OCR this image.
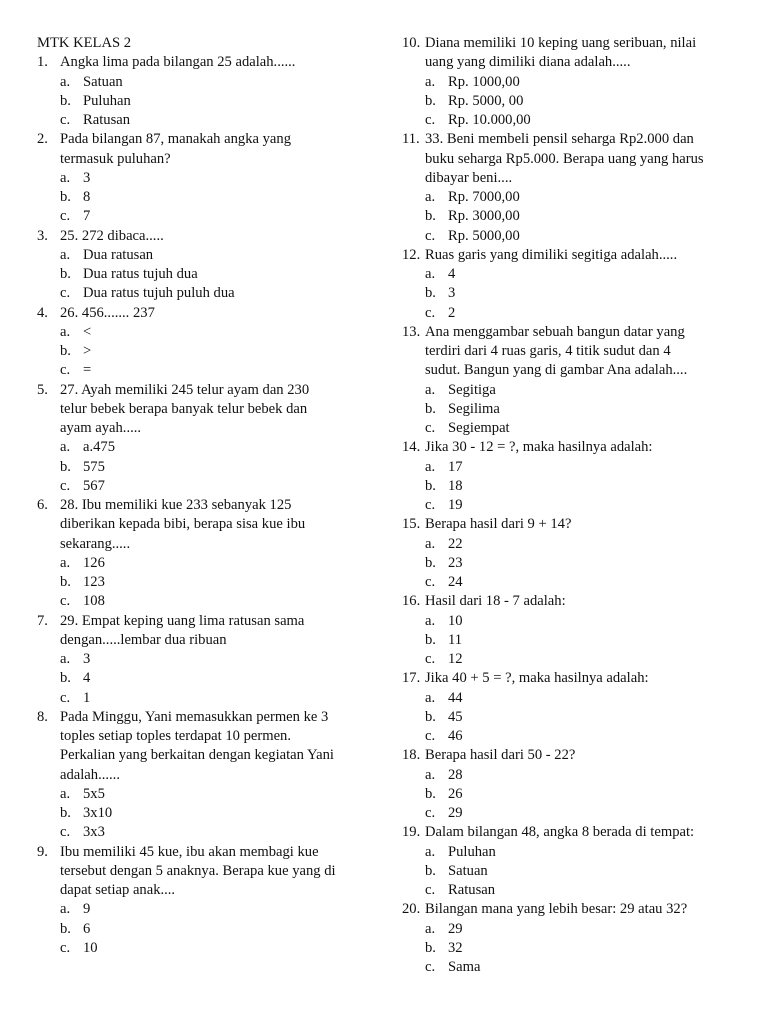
MTK KELAS 2
1. Angka lima pada bilangan 25 adalah......
a. Satuan
b. Puluhan
c. Ratusan
2. Pada bilangan 87, manakah angka yang
termasuk puluhan?
a. 3
b. 8
c. 7
3. 25. 272 dibaca.....
a. Dua ratusan
b. Dua ratus tujuh dua
c. Dua ratus tujuh puluh dua
4. 26. 456....... 237
a. <
b. >
c. =
5. 27. Ayah memiliki 245 telur ayam dan 230
telur bebek berapa banyak telur bebek dan
ayam ayah.....
a. a.475
b. 575
c. 567
6. 28. Ibu memiliki kue 233 sebanyak 125
diberikan kepada bibi, berapa sisa kue ibu
sekarang.....
a. 126
b. 123
c. 108
7. 29. Empat keping uang lima ratusan sama
dengan.....lembar dua ribuan
a. 3
b. 4
c. 1
8. Pada Minggu, Yani memasukkan permen ke 3
toples setiap toples terdapat 10 permen.
Perkalian yang berkaitan dengan kegiatan Yani
adalah......
a. 5x5
b. 3x10
c. 3x3
9. Ibu memiliki 45 kue, ibu akan membagi kue
tersebut dengan 5 anaknya. Berapa kue yang di
dapat setiap anak....
a. 9
b. 6
c. 10
10. Diana memiliki 10 keping uang seribuan, nilai
uang yang dimiliki diana adalah.....
a. Rp. 1000,00
b. Rp. 5000, 00
c. Rp. 10.000,00
11. 33. Beni membeli pensil seharga Rp2.000 dan
buku seharga Rp5.000. Berapa uang yang harus
dibayar beni....
a. Rp. 7000,00
b. Rp. 3000,00
c. Rp. 5000,00
12. Ruas garis yang dimiliki segitiga adalah.....
a. 4
b. 3
c. 2
13. Ana menggambar sebuah bangun datar yang
terdiri dari 4 ruas garis, 4 titik sudut dan 4
sudut. Bangun yang di gambar Ana adalah....
a. Segitiga
b. Segilima
c. Segiempat
14. Jika 30 - 12 = ?, maka hasilnya adalah:
a. 17
b. 18
c. 19
15. Berapa hasil dari 9 + 14?
a. 22
b. 23
c. 24
16. Hasil dari 18 - 7 adalah:
a. 10
b. 11
c. 12
17. Jika 40 + 5 = ?, maka hasilnya adalah:
a. 44
b. 45
c. 46
18. Berapa hasil dari 50 - 22?
a. 28
b. 26
c. 29
19. Dalam bilangan 48, angka 8 berada di tempat:
a. Puluhan
b. Satuan
c. Ratusan
20. Bilangan mana yang lebih besar: 29 atau 32?
a. 29
b. 32
c. Sama
